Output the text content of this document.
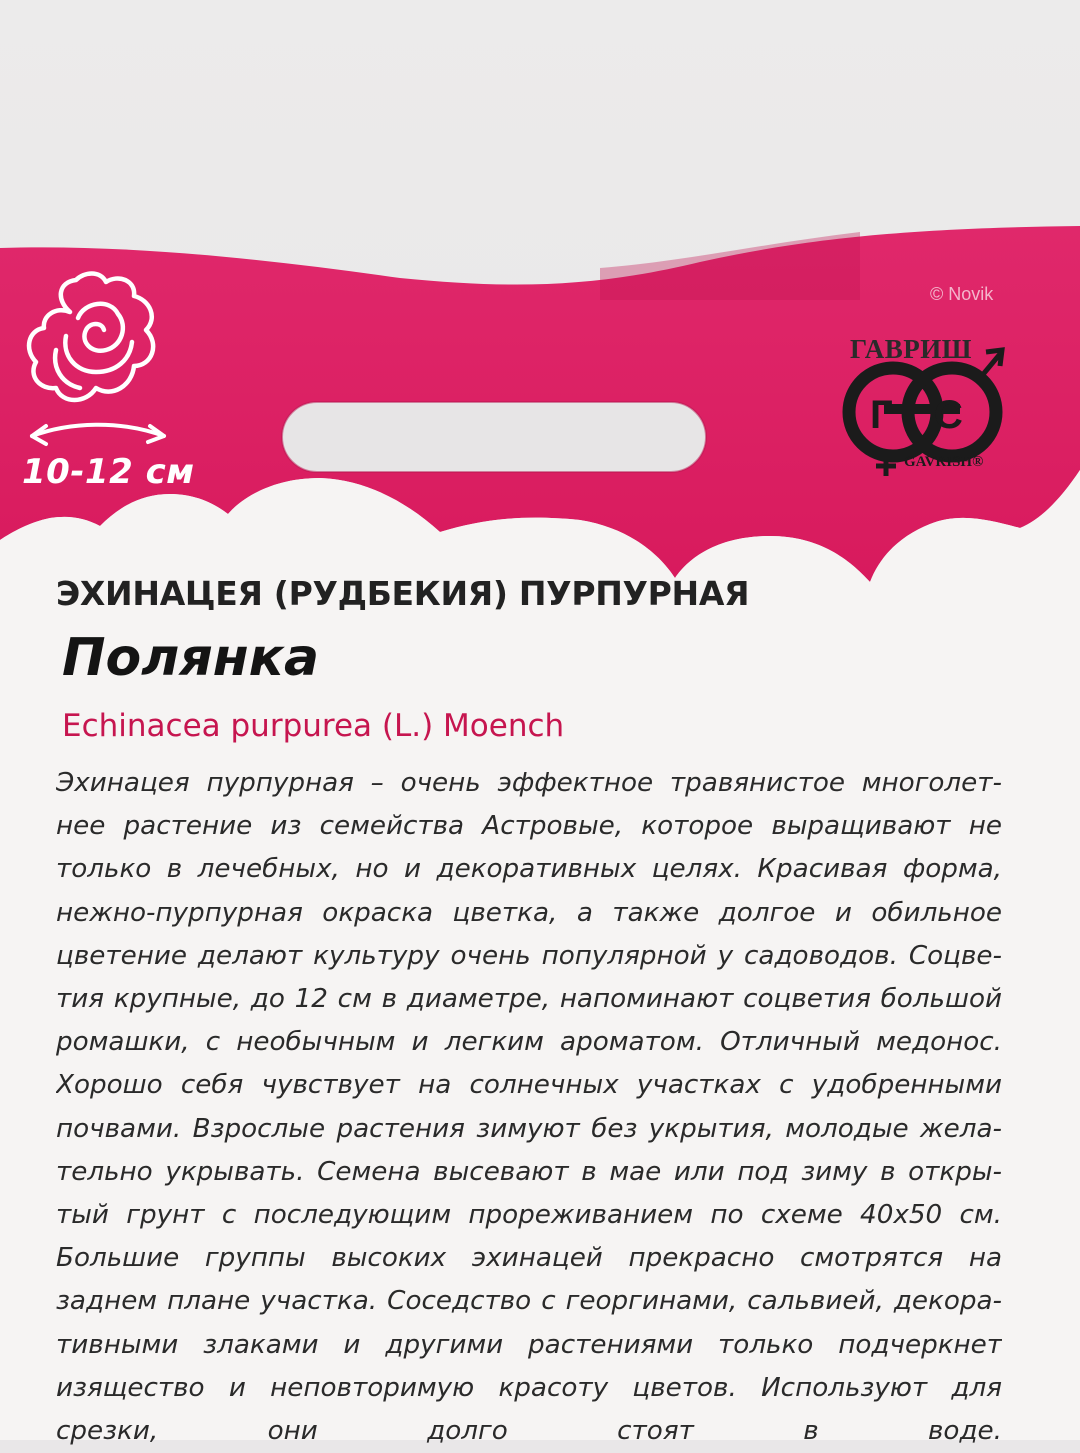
Г С
10-12 см
© Novik
ГАВРИШ
GAVRISH®
ЭХИНАЦЕЯ (РУДБЕКИЯ) ПУРПУРНАЯ
Полянка
Echinacea purpurea (L.) Moench
Эхинацея пурпурная – очень эффектное травянистое многолет-
нее растение из семейства Астровые, которое выращивают не
только в лечебных, но и декоративных целях. Красивая форма,
нежно-пурпурная окраска цветка, а также долгое и обильное
цветение делают культуру очень популярной у садоводов. Соцве-
тия крупные, до 12 см в диаметре, напоминают соцветия большой
ромашки, с необычным и легким ароматом. Отличный медонос.
Хорошо себя чувствует на солнечных участках с удобренными
почвами. Взрослые растения зимуют без укрытия, молодые жела-
тельно укрывать. Семена высевают в мае или под зиму в откры-
тый грунт с последующим прореживанием по схеме 40х50 см.
Большие группы высоких эхинацей прекрасно смотрятся на
заднем плане участка. Соседство с георгинами, сальвией, декора-
тивными злаками и другими растениями только подчеркнет
изящество и неповторимую красоту цветов. Используют для
срезки, они долго стоят в воде.
